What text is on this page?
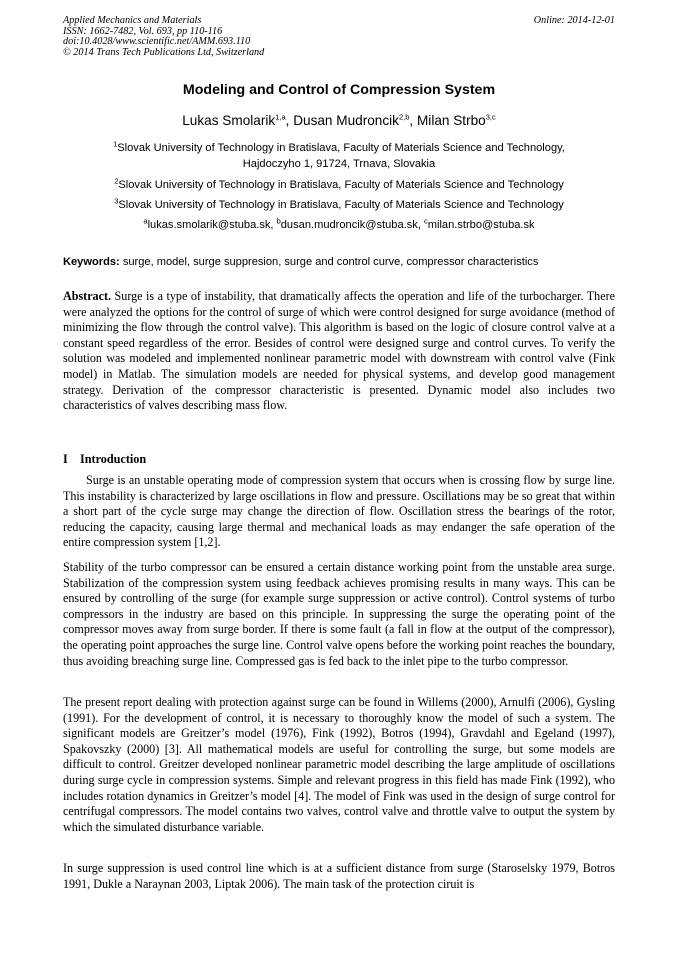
Applied Mechanics and Materials
ISSN: 1662-7482, Vol. 693, pp 110-116
doi:10.4028/www.scientific.net/AMM.693.110
© 2014 Trans Tech Publications Ltd, Switzerland
Online: 2014-12-01
Modeling and Control of Compression System
Lukas Smolarik$^{1,a}$, Dusan Mudroncik$^{2,b}$, Milan Strbo$^{3,c}$
$^1$Slovak University of Technology in Bratislava, Faculty of Materials Science and Technology,
Hajdoczyho 1, 91724, Trnava, Slovakia
$^2$Slovak University of Technology in Bratislava, Faculty of Materials Science and Technology
$^3$Slovak University of Technology in Bratislava, Faculty of Materials Science and Technology
$^a$lukas.smolarik@stuba.sk, $^b$dusan.mudroncik@stuba.sk, $^c$milan.strbo@stuba.sk
Keywords: surge, model, surge suppresion, surge and control curve, compressor characteristics

Abstract. Surge is a type of instability, that dramatically affects the operation and life of the turbocharger. There were analyzed the options for the control of surge of which were control designed for surge avoidance (method of minimizing the flow through the control valve). This algorithm is based on the logic of closure control valve at a constant speed regardless of the error. Besides of control were designed surge and control curves. To verify the solution was modeled and implemented nonlinear parametric model with downstream with control valve (Fink model) in Matlab. The simulation models are needed for physical systems, and develop good management strategy. Derivation of the compressor characteristic is presented. Dynamic model also includes two characteristics of valves describing mass flow.

I Introduction

Surge is an unstable operating mode of compression system that occurs when is crossing flow by surge line. This instability is characterized by large oscillations in flow and pressure. Oscillations may be so great that within a short part of the cycle surge may change the direction of flow. Oscillation stress the bearings of the rotor, reducing the capacity, causing large thermal and mechanical loads as may endanger the safe operation of the entire compression system [1,2].

Stability of the turbo compressor can be ensured a certain distance working point from the unstable area surge. Stabilization of the compression system using feedback achieves promising results in many ways. This can be ensured by controlling of the surge (for example surge suppression or active control). Control systems of turbo compressors in the industry are based on this principle. In suppressing the surge the operating point of the compressor moves away from surge border. If there is some fault (a fall in flow at the output of the compressor), the operating point approaches the surge line. Control valve opens before the working point reaches the boundary, thus avoiding breaching surge line. Compressed gas is fed back to the inlet pipe to the turbo compressor.

The present report dealing with protection against surge can be found in Willems (2000), Arnulfi (2006), Gysling (1991). For the development of control, it is necessary to thoroughly know the model of such a system. The significant models are Greitzer’s model (1976), Fink (1992), Botros (1994), Gravdahl and Egeland (1997), Spakovszky (2000) [3]. All mathematical models are useful for controlling the surge, but some models are difficult to control. Greitzer developed nonlinear parametric model describing the large amplitude of oscillations during surge cycle in compression systems. Simple and relevant progress in this field has made Fink (1992), who includes rotation dynamics in Greitzer’s model [4]. The model of Fink was used in the design of surge control for centrifugal compressors. The model contains two valves, control valve and throttle valve to output the system by which the simulated disturbance variable.

In surge suppression is used control line which is at a sufficient distance from surge (Staroselsky 1979, Botros 1991, Dukle a Naraynan 2003, Liptak 2006). The main task of the protection ciruit is
